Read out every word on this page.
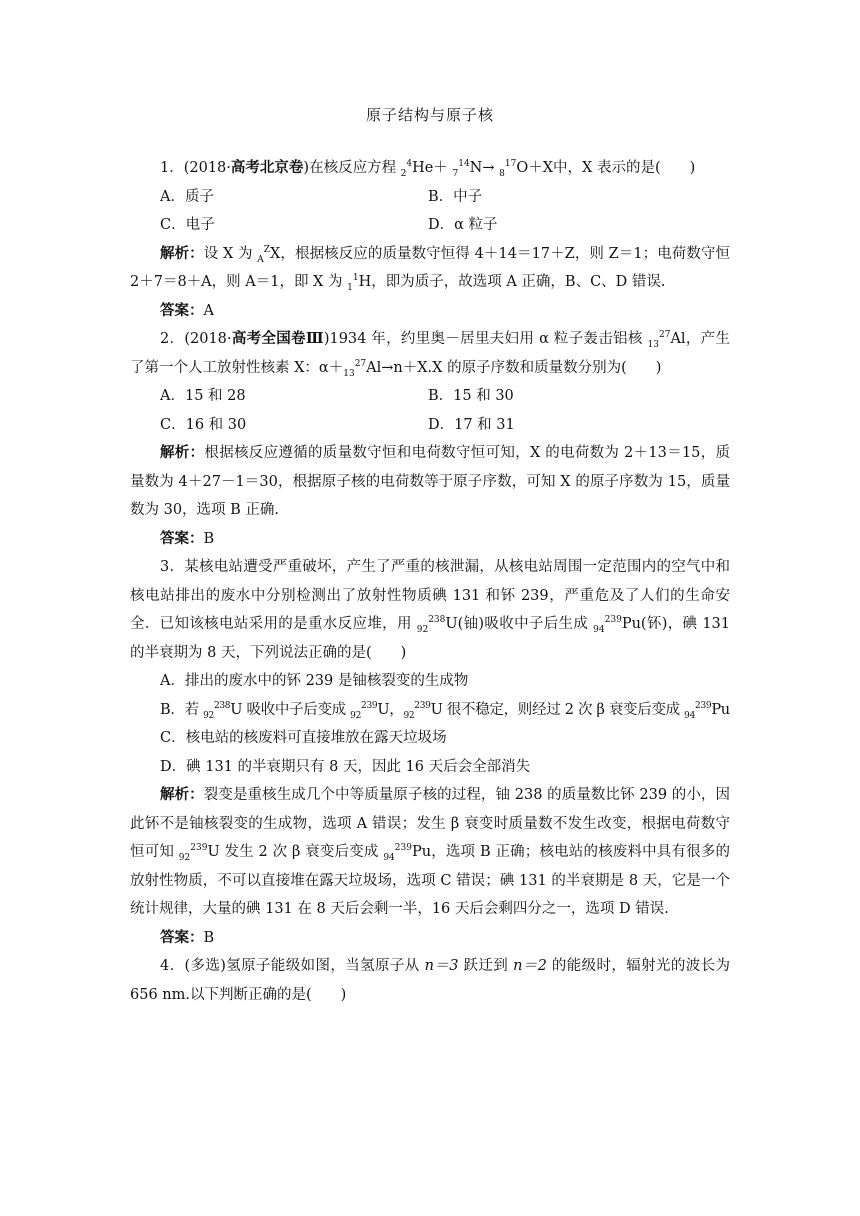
原子结构与原子核

1．(2018·高考北京卷)在核反应方程 $_2^4$He＋ $_7^{14}$N→ $_8^{17}$O＋X中，X 表示的是(　　)

A．质子	B．中子
C．电子	D．α 粒子

解析：设 X 为 $_A^Z$X，根据核反应的质量数守恒得 4＋14＝17＋Z，则 Z＝1；电荷数守恒2＋7＝8＋A，则 A＝1，即 X 为 $_1^1$H，即为质子，故选项 A 正确，B、C、D 错误.

答案：A

2．(2018·高考全国卷Ⅲ)1934 年，约里奥－居里夫妇用 α 粒子轰击铝核 $_{13}^{27}$Al，产生了第一个人工放射性核素 X：$\alpha+_{13}^{27}Al\to n+X.X$ 的原子序数和质量数分别为(　　)

A．15 和 28	B．15 和 30
C．16 和 30	D．17 和 31

解析：根据核反应遵循的质量数守恒和电荷数守恒可知，X 的电荷数为 2＋13＝15，质量数为 4＋27－1＝30，根据原子核的电荷数等于原子序数，可知 X 的原子序数为 15，质量数为 30，选项 B 正确.

答案：B

3．某核电站遭受严重破坏，产生了严重的核泄漏，从核电站周围一定范围内的空气中和核电站排出的废水中分别检测出了放射性物质碘 131 和钚 239，严重危及了人们的生命安全．已知该核电站采用的是重水反应堆，用 $_{92}^{238}$U(铀)吸收中子后生成 $_{94}^{239}$Pu(钚)，碘 131 的半衰期为 8 天，下列说法正确的是(　　)

A．排出的废水中的钚 239 是铀核裂变的生成物
B．若 $_{92}^{238}$U 吸收中子后变成 $_{92}^{239}$U，$_{92}^{239}$U 很不稳定，则经过 2 次 β 衰变后变成 $_{94}^{239}$Pu
C．核电站的核废料可直接堆放在露天垃圾场
D．碘 131 的半衰期只有 8 天，因此 16 天后会全部消失

解析：裂变是重核生成几个中等质量原子核的过程，铀 238 的质量数比钚 239 的小，因此钚不是铀核裂变的生成物，选项 A 错误；发生 β 衰变时质量数不发生改变，根据电荷数守恒可知 $_{92}^{239}$U 发生 2 次 β 衰变后变成 $_{94}^{239}$Pu，选项 B 正确；核电站的核废料中具有很多的放射性物质，不可以直接堆在露天垃圾场，选项 C 错误；碘 131 的半衰期是 8 天，它是一个统计规律，大量的碘 131 在 8 天后会剩一半，16 天后会剩四分之一，选项 D 错误.

答案：B

4．(多选)氢原子能级如图，当氢原子从 n＝3 跃迁到 n＝2 的能级时，辐射光的波长为 656 nm.以下判断正确的是(　　)
